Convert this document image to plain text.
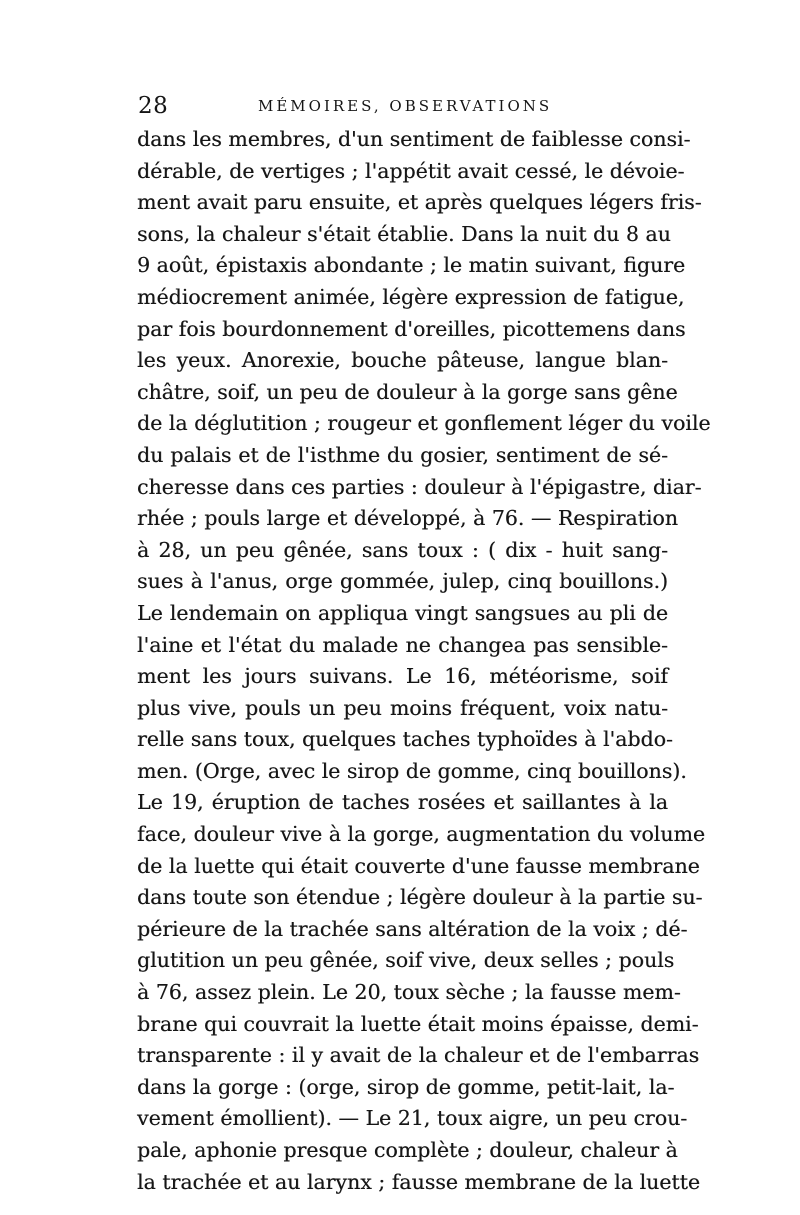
28	MÉMOIRES, OBSERVATIONS
dans les membres, d'un sentiment de faiblesse consi-
dérable, de vertiges ; l'appétit avait cessé, le dévoie-
ment avait paru ensuite, et après quelques légers fris-
sons, la chaleur s'était établie. Dans la nuit du 8 au
9 août, épistaxis abondante ; le matin suivant, figure
médiocrement animée, légère expression de fatigue,
par fois bourdonnement d'oreilles, picottemens dans
les yeux. Anorexie, bouche pâteuse, langue blan-
châtre, soif, un peu de douleur à la gorge sans gêne
de la déglutition ; rougeur et gonflement léger du voile
du palais et de l'isthme du gosier, sentiment de sé-
cheresse dans ces parties : douleur à l'épigastre, diar-
rhée ; pouls large et développé, à 76. — Respiration
à 28, un peu gênée, sans toux : ( dix - huit sang-
sues à l'anus, orge gommée, julep, cinq bouillons.)
Le lendemain on appliqua vingt sangsues au pli de
l'aine et l'état du malade ne changea pas sensible-
ment les jours suivans. Le 16, météorisme, soif
plus vive, pouls un peu moins fréquent, voix natu-
relle sans toux, quelques taches typhoïdes à l'abdo-
men. (Orge, avec le sirop de gomme, cinq bouillons).
Le 19, éruption de taches rosées et saillantes à la
face, douleur vive à la gorge, augmentation du volume
de la luette qui était couverte d'une fausse membrane
dans toute son étendue ; légère douleur à la partie su-
périeure de la trachée sans altération de la voix ; dé-
glutition un peu gênée, soif vive, deux selles ; pouls
à 76, assez plein. Le 20, toux sèche ; la fausse mem-
brane qui couvrait la luette était moins épaisse, demi-
transparente : il y avait de la chaleur et de l'embarras
dans la gorge : (orge, sirop de gomme, petit-lait, la-
vement émollient). — Le 21, toux aigre, un peu crou-
pale, aphonie presque complète ; douleur, chaleur à
la trachée et au larynx ; fausse membrane de la luette
